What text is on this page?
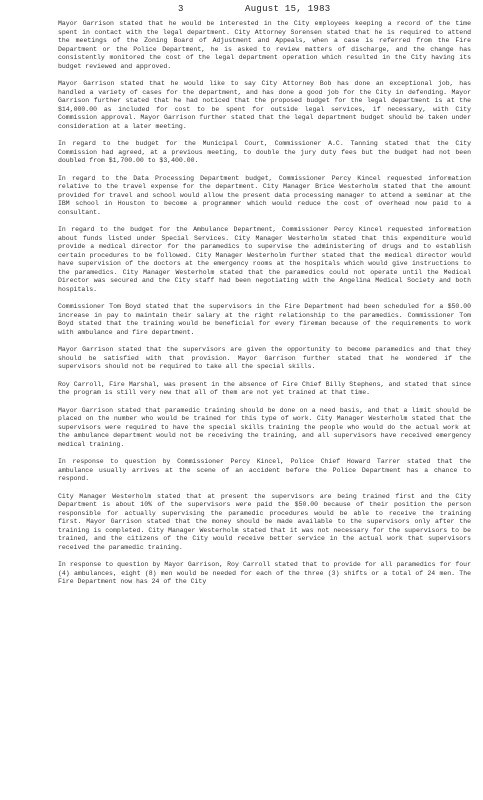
3	August 15, 1983

Mayor Garrison stated that he would be interested in the City employees keeping a record of the time spent in contact with the legal department. City Attorney Sorensen stated that he is required to attend the meetings of the Zoning Board of Adjustment and Appeals, when a case is referred from the Fire Department or the Police Department, he is asked to review matters of discharge, and the change has consistently monitored the cost of the legal department operation which resulted in the City having its budget reviewed and approved.

Mayor Garrison stated that he would like to say City Attorney Bob has done an exceptional job, has handled a variety of cases for the department, and has done a good job for the City in defending. Mayor Garrison further stated that he had noticed that the proposed budget for the legal department is at the $14,000.00 as included for cost to be spent for outside legal services, if necessary, with City Commission approval. Mayor Garrison further stated that the legal department budget should be taken under consideration at a later meeting.

In regard to the budget for the Municipal Court, Commissioner A.C. Tanning stated that the City Commission had agreed, at a previous meeting, to double the jury duty fees but the budget had not been doubled from $1,700.00 to $3,400.00.

In regard to the Data Processing Department budget, Commissioner Percy Kincel requested information relative to the travel expense for the department. City Manager Brice Westerholm stated that the amount provided for travel and school would allow the present data processing manager to attend a seminar at the IBM school in Houston to become a programmer which would reduce the cost of overhead now paid to a consultant.

In regard to the budget for the Ambulance Department, Commissioner Percy Kincel requested information about funds listed under Special Services. City Manager Westerholm stated that this expenditure would provide a medical director for the paramedics to supervise the administering of drugs and to establish certain procedures to be followed. City Manager Westerholm further stated that the medical director would have supervision of the doctors at the emergency rooms at the hospitals which would give instructions to the paramedics. City Manager Westerholm stated that the paramedics could not operate until the Medical Director was secured and the City staff had been negotiating with the Angelina Medical Society and both hospitals.

Commissioner Tom Boyd stated that the supervisors in the Fire Department had been scheduled for a $50.00 increase in pay to maintain their salary at the right relationship to the paramedics. Commissioner Tom Boyd stated that the training would be beneficial for every fireman because of the requirements to work with ambulance and fire department.

Mayor Garrison stated that the supervisors are given the opportunity to become paramedics and that they should be satisfied with that provision. Mayor Garrison further stated that he wondered if the supervisors should not be required to take all the special skills.

Roy Carroll, Fire Marshal, was present in the absence of Fire Chief Billy Stephens, and stated that since the program is still very new that all of them are not yet trained at that time.

Mayor Garrison stated that paramedic training should be done on a need basis, and that a limit should be placed on the number who would be trained for this type of work. City Manager Westerholm stated that the supervisors were required to have the special skills training the people who would do the actual work at the ambulance department would not be receiving the training, and all supervisors have received emergency medical training.

In response to question by Commissioner Percy Kincel, Police Chief Howard Tarrer stated that the ambulance usually arrives at the scene of an accident before the Police Department has a chance to respond.

City Manager Westerholm stated that at present the supervisors are being trained first and the City Department is about 10% of the supervisors were paid the $50.00 because of their position the person responsible for actually supervising the paramedic procedures would be able to receive the training first. Mayor Garrison stated that the money should be made available to the supervisors only after the training is completed. City Manager Westerholm stated that it was not necessary for the supervisors to be trained, and the citizens of the City would receive better service in the actual work that supervisors received the paramedic training.

In response to question by Mayor Garrison, Roy Carroll stated that to provide for all paramedics for four (4) ambulances, eight (8) men would be needed for each of the three (3) shifts or a total of 24 men. The Fire Department now has 24 of the City
